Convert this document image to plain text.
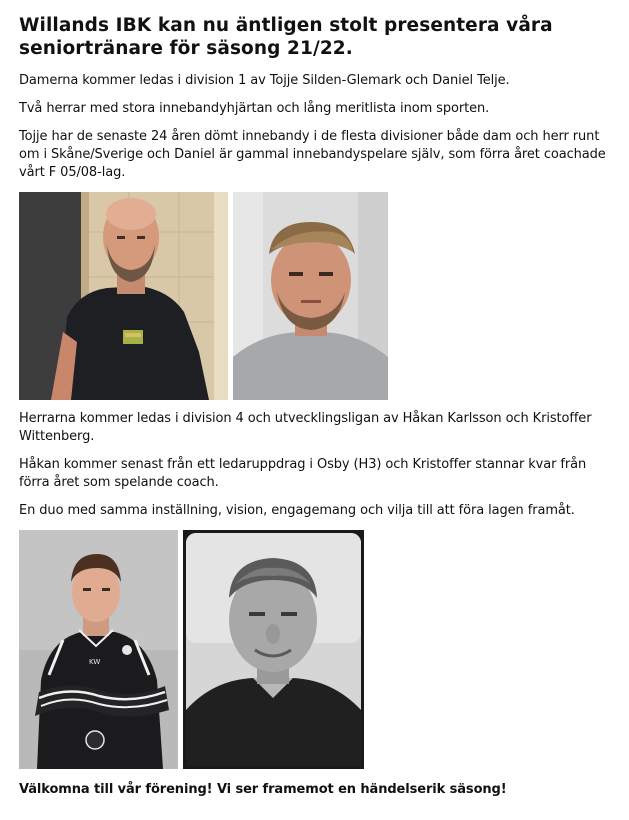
Willands IBK kan nu äntligen stolt presentera våra seniortränare för säsong 21/22.

Damerna kommer ledas i division 1 av Tojje Silden-Glemark och Daniel Telje.

Två herrar med stora innebandyhjärtan och lång meritlista inom sporten.

Tojje har de senaste 24 åren dömt innebandy i de flesta divisioner både dam och herr runt om i Skåne/Sverige och Daniel är gammal innebandyspelare själv, som förra året coachade vårt F 05/08-lag.

Herrarna kommer ledas i division 4 och utvecklingsligan av Håkan Karlsson och Kristoffer Wittenberg.

Håkan kommer senast från ett ledaruppdrag i Osby (H3) och Kristoffer stannar kvar från förra året som spelande coach.

En duo med samma inställning, vision, engagemang och vilja till att föra lagen framåt.

KW

Välkomna till vår förening! Vi ser framemot en händelserik säsong!
